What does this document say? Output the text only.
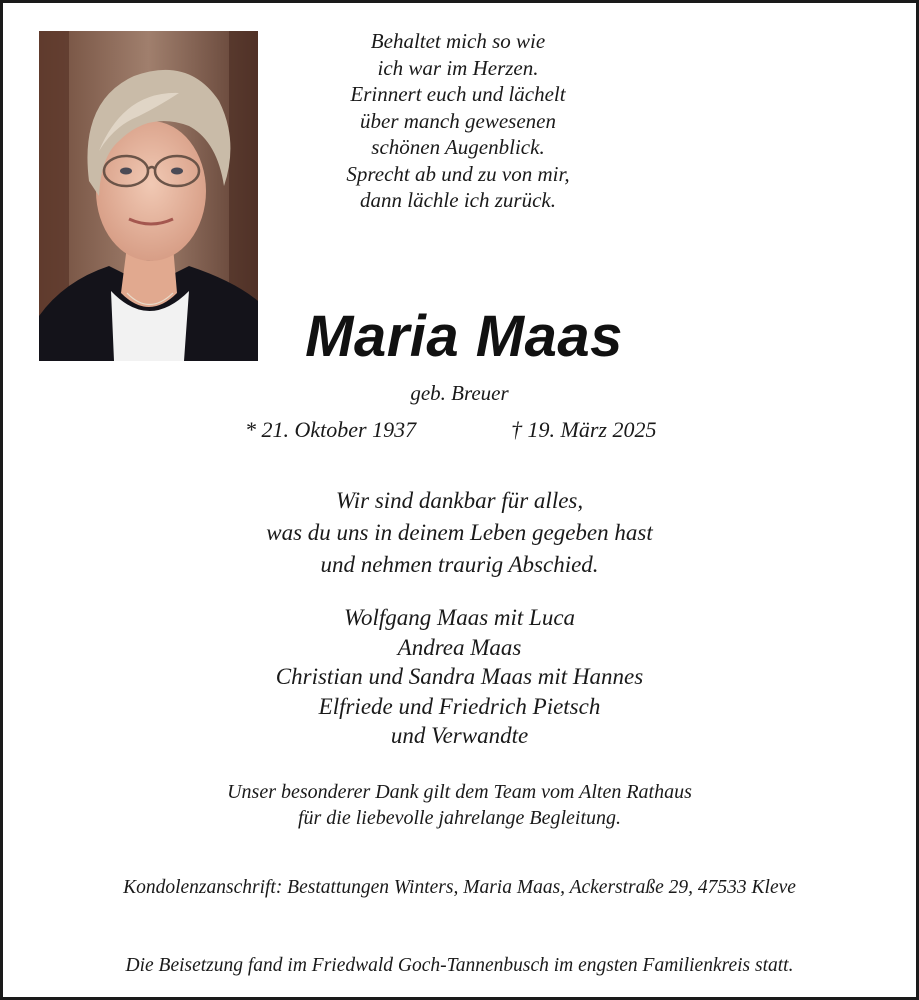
Behaltet mich so wie
ich war im Herzen.
Erinnert euch und lächelt
über manch gewesenen
schönen Augenblick.
Sprecht ab und zu von mir,
dann lächle ich zurück.
Maria Maas
geb. Breuer
* 21. Oktober 1937	† 19. März 2025
Wir sind dankbar für alles,
was du uns in deinem Leben gegeben hast
und nehmen traurig Abschied.
Wolfgang Maas mit Luca
Andrea Maas
Christian und Sandra Maas mit Hannes
Elfriede und Friedrich Pietsch
und Verwandte
Unser besonderer Dank gilt dem Team vom Alten Rathaus
für die liebevolle jahrelange Begleitung.
Kondolenzanschrift: Bestattungen Winters, Maria Maas, Ackerstraße 29, 47533 Kleve
Die Beisetzung fand im Friedwald Goch-Tannenbusch im engsten Familienkreis statt.
